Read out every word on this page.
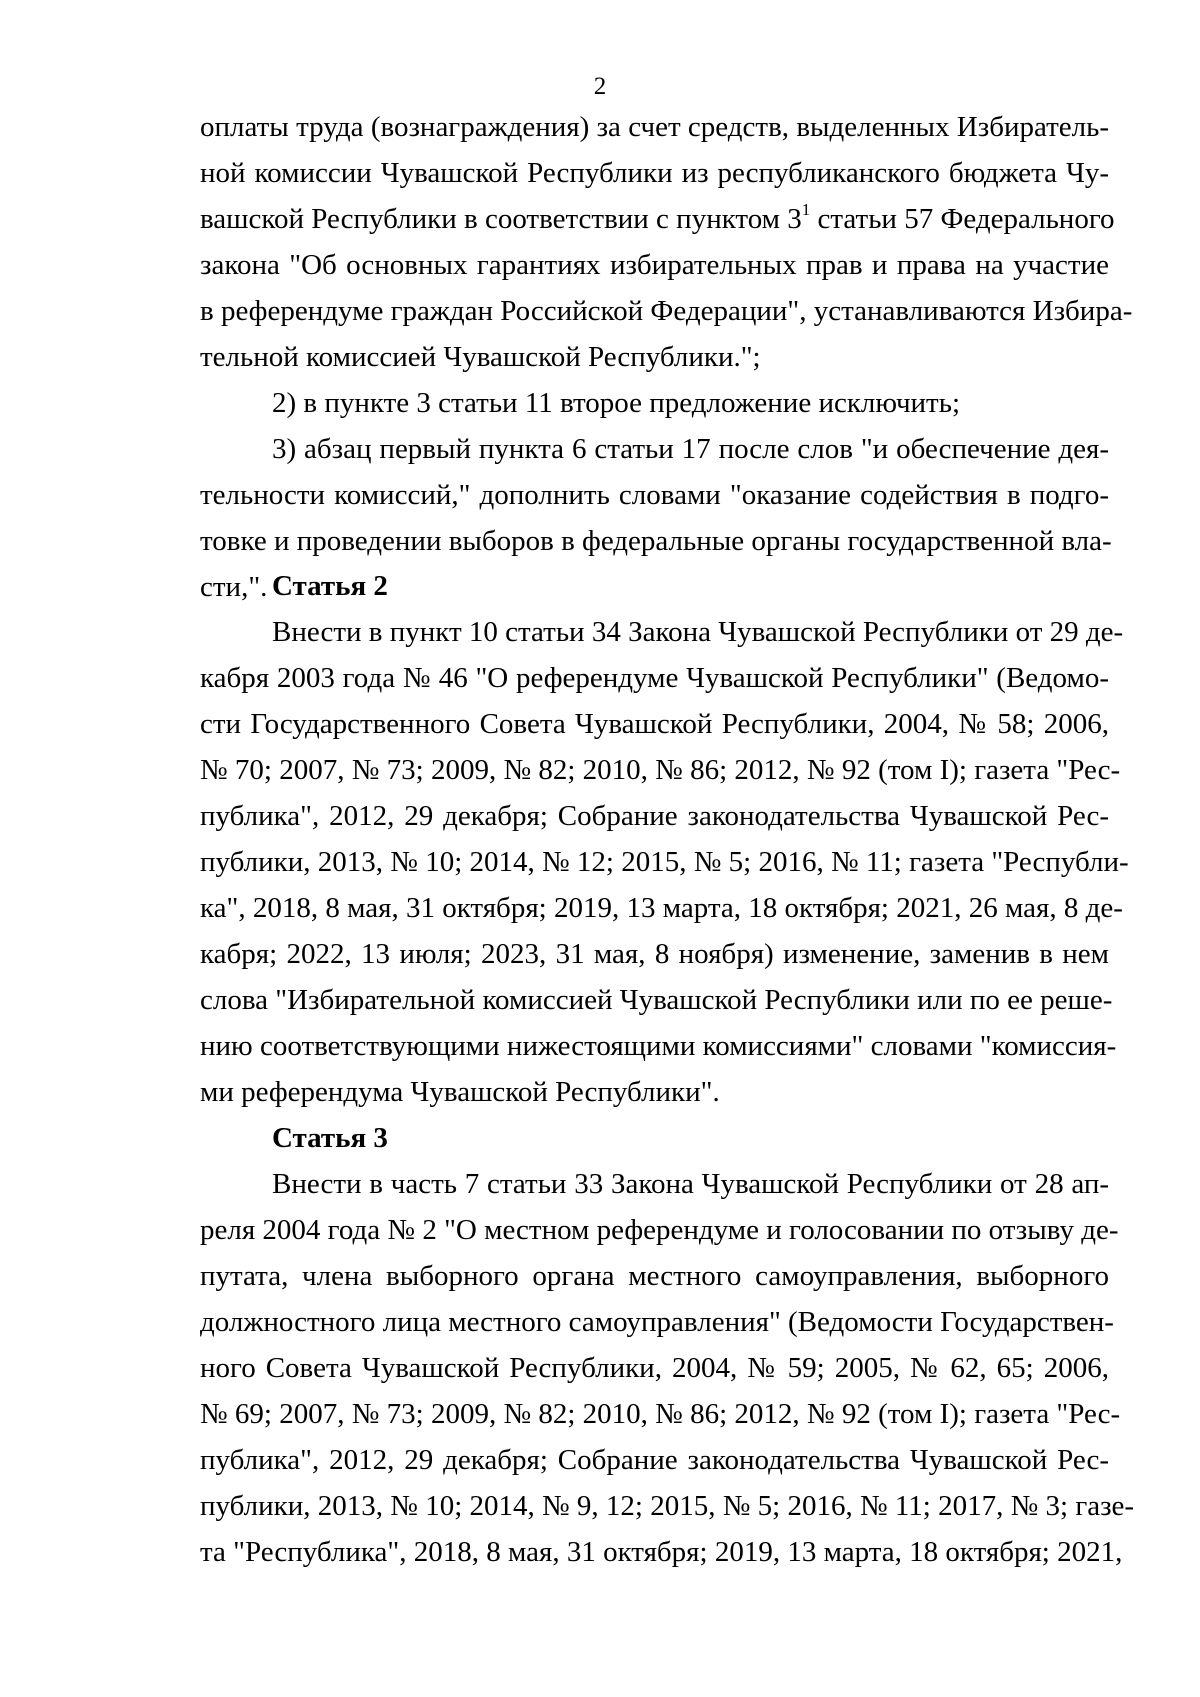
2
оплаты труда (вознаграждения) за счет средств, выделенных Избиратель-
ной комиссии Чувашской Республики из республиканского бюджета Чу-
вашской Республики в соответствии с пунктом $3^1$ статьи 57 Федерального
закона "Об основных гарантиях избирательных прав и права на участие
в референдуме граждан Российской Федерации", устанавливаются Избира-
тельной комиссией Чувашской Республики.";
2) в пункте 3 статьи 11 второе предложение исключить;
3) абзац первый пункта 6 статьи 17 после слов "и обеспечение дея-
тельности комиссий," дополнить словами "оказание содействия в подго-
товке и проведении выборов в федеральные органы государственной вла-
сти,". Статья 2
Внести в пункт 10 статьи 34 Закона Чувашской Республики от 29 де-
кабря 2003 года № 46 "О референдуме Чувашской Республики" (Ведомо-
сти Государственного Совета Чувашской Республики, 2004, № 58; 2006,
№ 70; 2007, № 73; 2009, № 82; 2010, № 86; 2012, № 92 (том I); газета "Рес-
публика", 2012, 29 декабря; Собрание законодательства Чувашской Рес-
публики, 2013, № 10; 2014, № 12; 2015, № 5; 2016, № 11; газета "Республи-
ка", 2018, 8 мая, 31 октября; 2019, 13 марта, 18 октября; 2021, 26 мая, 8 де-
кабря; 2022, 13 июля; 2023, 31 мая, 8 ноября) изменение, заменив в нем
слова "Избирательной комиссией Чувашской Республики или по ее реше-
нию соответствующими нижестоящими комиссиями" словами "комиссия-
ми референдума Чувашской Республики".
Статья 3
Внести в часть 7 статьи 33 Закона Чувашской Республики от 28 ап-
реля 2004 года № 2 "О местном референдуме и голосовании по отзыву де-
путата, члена выборного органа местного самоуправления, выборного
должностного лица местного самоуправления" (Ведомости Государствен-
ного Совета Чувашской Республики, 2004, № 59; 2005, № 62, 65; 2006,
№ 69; 2007, № 73; 2009, № 82; 2010, № 86; 2012, № 92 (том I); газета "Рес-
публика", 2012, 29 декабря; Собрание законодательства Чувашской Рес-
публики, 2013, № 10; 2014, № 9, 12; 2015, № 5; 2016, № 11; 2017, № 3; газе-
та "Республика", 2018, 8 мая, 31 октября; 2019, 13 марта, 18 октября; 2021,
